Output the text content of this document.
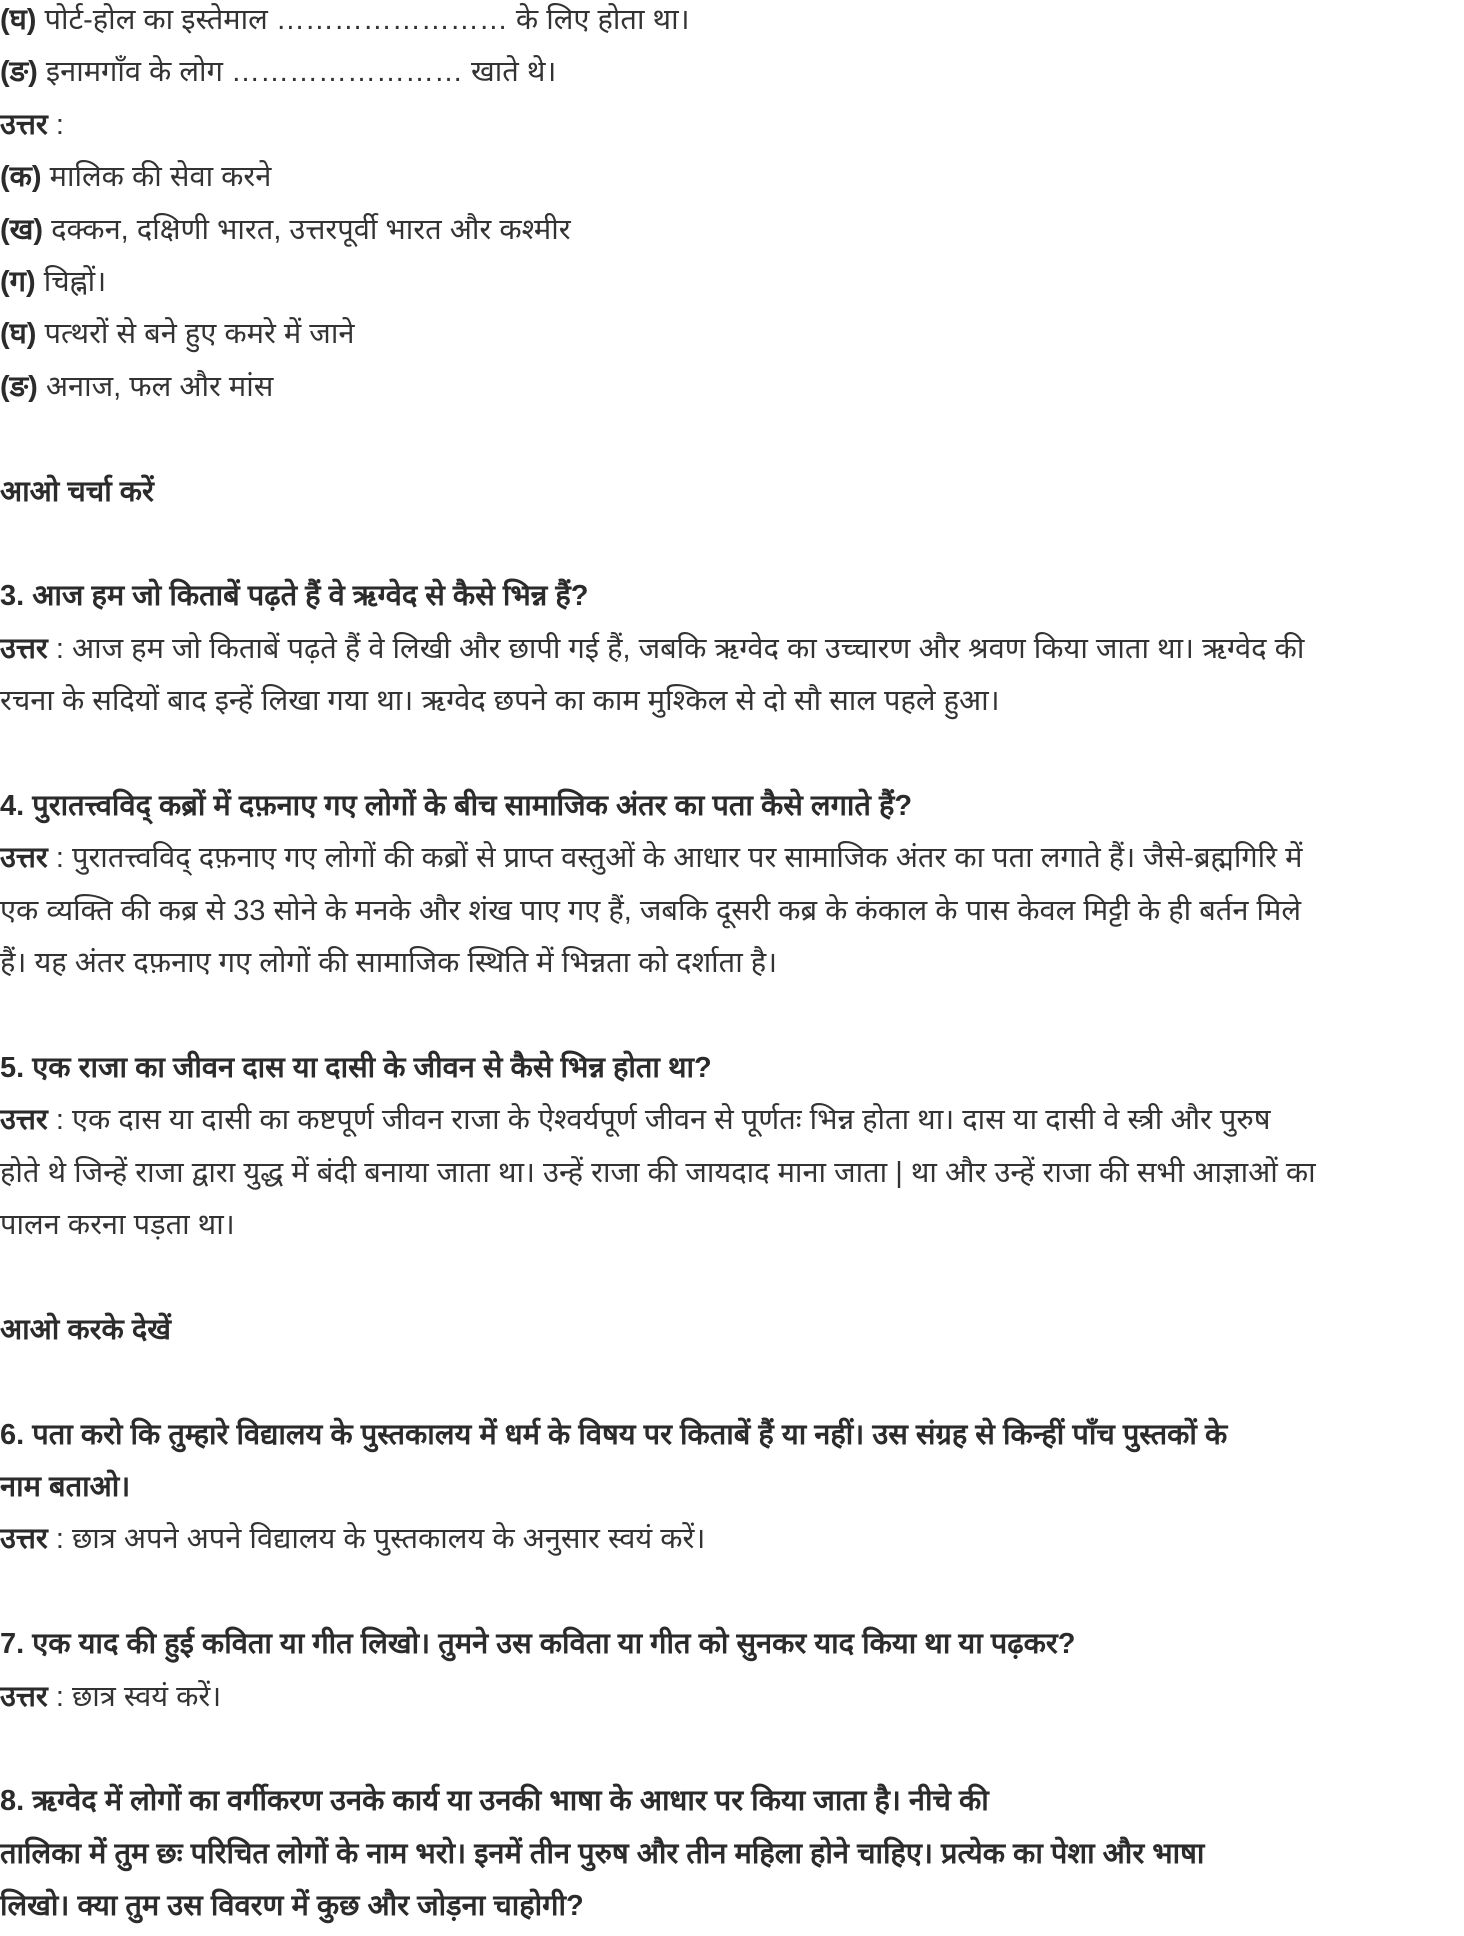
(घ) पोर्ट-होल का इस्तेमाल …………………… के लिए होता था।
(ङ) इनामगाँव के लोग …………………… खाते थे।
उत्तर :
(क) मालिक की सेवा करने
(ख) दक्कन, दक्षिणी भारत, उत्तरपूर्वी भारत और कश्मीर
(ग) चिह्नों।
(घ) पत्थरों से बने हुए कमरे में जाने
(ङ) अनाज, फल और मांस
आओ चर्चा करें
3. आज हम जो किताबें पढ़ते हैं वे ऋग्वेद से कैसे भिन्न हैं?
उत्तर : आज हम जो किताबें पढ़ते हैं वे लिखी और छापी गई हैं, जबकि ऋग्वेद का उच्चारण और श्रवण किया जाता था। ऋग्वेद की
रचना के सदियों बाद इन्हें लिखा गया था। ऋग्वेद छपने का काम मुश्किल से दो सौ साल पहले हुआ।
4. पुरातत्त्वविद् कब्रों में दफ़नाए गए लोगों के बीच सामाजिक अंतर का पता कैसे लगाते हैं?
उत्तर : पुरातत्त्वविद् दफ़नाए गए लोगों की कब्रों से प्राप्त वस्तुओं के आधार पर सामाजिक अंतर का पता लगाते हैं। जैसे-ब्रह्मगिरि में
एक व्यक्ति की कब्र से 33 सोने के मनके और शंख पाए गए हैं, जबकि दूसरी कब्र के कंकाल के पास केवल मिट्टी के ही बर्तन मिले
हैं। यह अंतर दफ़नाए गए लोगों की सामाजिक स्थिति में भिन्नता को दर्शाता है।
5. एक राजा का जीवन दास या दासी के जीवन से कैसे भिन्न होता था?
उत्तर : एक दास या दासी का कष्टपूर्ण जीवन राजा के ऐश्वर्यपूर्ण जीवन से पूर्णतः भिन्न होता था। दास या दासी वे स्त्री और पुरुष
होते थे जिन्हें राजा द्वारा युद्ध में बंदी बनाया जाता था। उन्हें राजा की जायदाद माना जाता | था और उन्हें राजा की सभी आज्ञाओं का
पालन करना पड़ता था।
आओ करके देखें
6. पता करो कि तुम्हारे विद्यालय के पुस्तकालय में धर्म के विषय पर किताबें हैं या नहीं। उस संग्रह से किन्हीं पाँच पुस्तकों के
नाम बताओ।
उत्तर : छात्र अपने अपने विद्यालय के पुस्तकालय के अनुसार स्वयं करें।
7. एक याद की हुई कविता या गीत लिखो। तुमने उस कविता या गीत को सुनकर याद किया था या पढ़कर?
उत्तर : छात्र स्वयं करें।
8. ऋग्वेद में लोगों का वर्गीकरण उनके कार्य या उनकी भाषा के आधार पर किया जाता है। नीचे की
तालिका में तुम छः परिचित लोगों के नाम भरो। इनमें तीन पुरुष और तीन महिला होने चाहिए। प्रत्येक का पेशा और भाषा
लिखो। क्या तुम उस विवरण में कुछ और जोड़ना चाहोगी?
